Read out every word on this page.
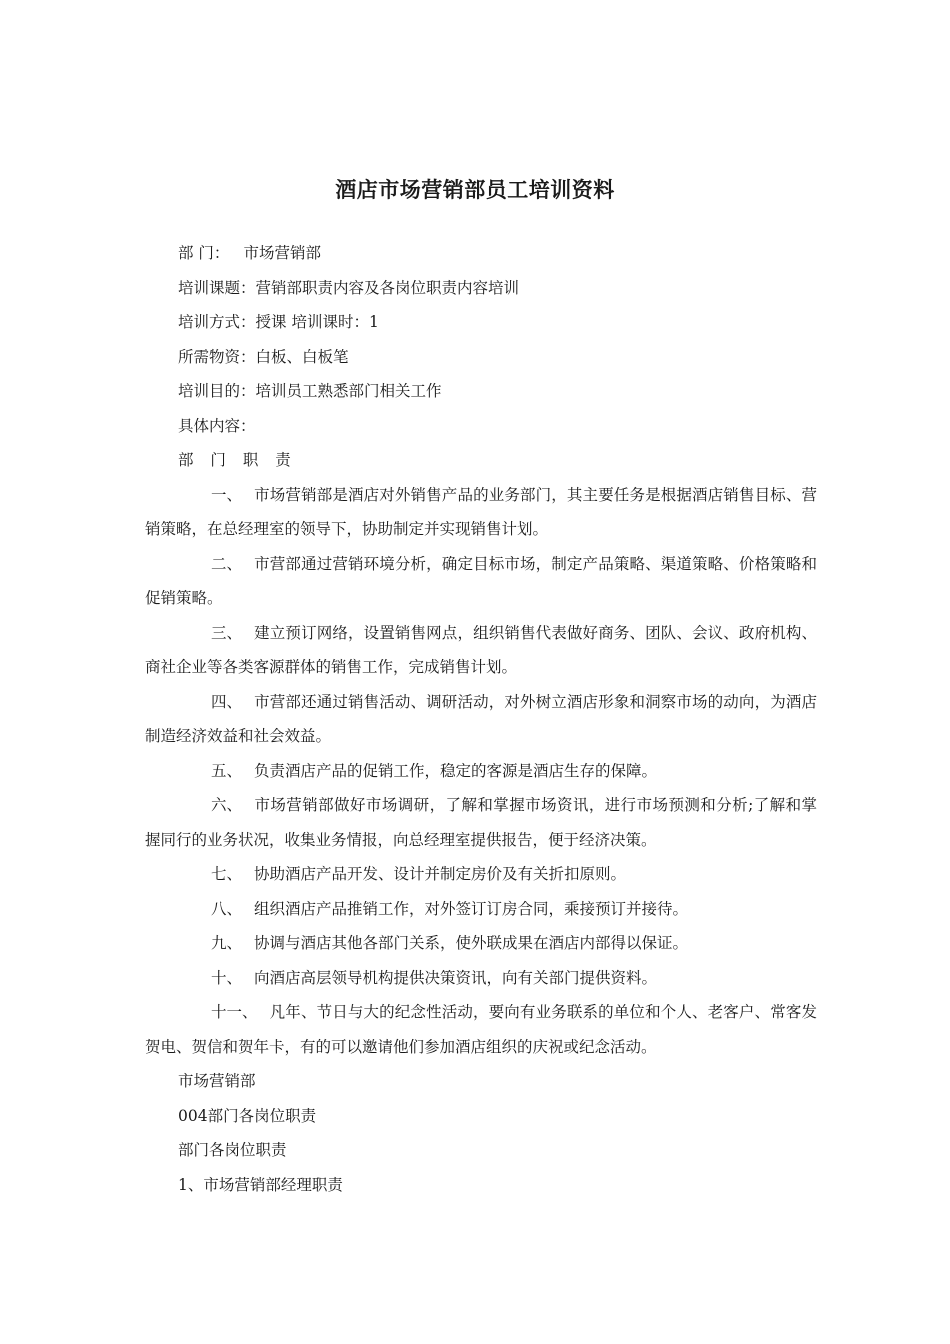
酒店市场营销部员工培训资料

部 门： 市场营销部

培训课题：营销部职责内容及各岗位职责内容培训

培训方式：授课 培训课时：1

所需物资：白板、白板笔

培训目的：培训员工熟悉部门相关工作

具体内容：

部 门 职 责

一、 市场营销部是酒店对外销售产品的业务部门，其主要任务是根据酒店销售目标、营销策略，在总经理室的领导下，协助制定并实现销售计划。

二、 市营部通过营销环境分析，确定目标市场，制定产品策略、渠道策略、价格策略和促销策略。

三、 建立预订网络，设置销售网点，组织销售代表做好商务、团队、会议、政府机构、商社企业等各类客源群体的销售工作，完成销售计划。

四、 市营部还通过销售活动、调研活动，对外树立酒店形象和洞察市场的动向，为酒店制造经济效益和社会效益。

五、 负责酒店产品的促销工作，稳定的客源是酒店生存的保障。

六、 市场营销部做好市场调研，了解和掌握市场资讯，进行市场预测和分析;了解和掌握同行的业务状况，收集业务情报，向总经理室提供报告，便于经济决策。

七、 协助酒店产品开发、设计并制定房价及有关折扣原则。

八、 组织酒店产品推销工作，对外签订订房合同，乘接预订并接待。

九、 协调与酒店其他各部门关系，使外联成果在酒店内部得以保证。

十、 向酒店高层领导机构提供决策资讯，向有关部门提供资料。

十一、 凡年、节日与大的纪念性活动，要向有业务联系的单位和个人、老客户、常客发贺电、贺信和贺年卡，有的可以邀请他们参加酒店组织的庆祝或纪念活动。

市场营销部

004部门各岗位职责

部门各岗位职责

1、市场营销部经理职责
